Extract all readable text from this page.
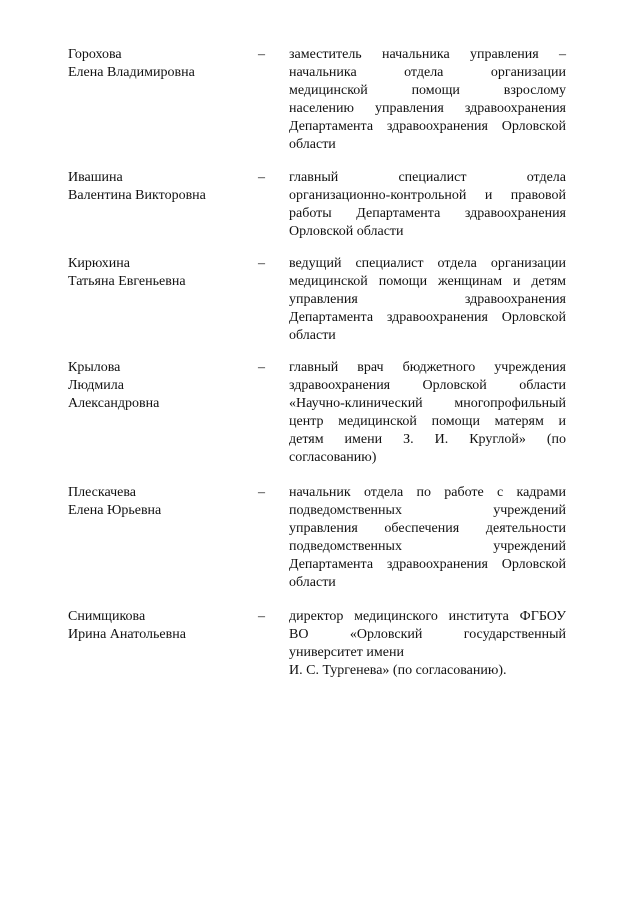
Горохова
Елена Владимировна
–	заместитель начальника управления –
начальника отдела организации
медицинской помощи взрослому
населению управления здравоохранения
Департамента здравоохранения Орловской
области
Ивашина
Валентина Викторовна
–	главный специалист отдела
организационно-контрольной и правовой
работы Департамента здравоохранения
Орловской области
Кирюхина
Татьяна Евгеньевна
–	ведущий специалист отдела организации
медицинской помощи женщинам и детям
управления здравоохранения
Департамента здравоохранения Орловской
области
Крылова
Людмила
Александровна
–	главный врач бюджетного учреждения
здравоохранения Орловской области
«Научно-клинический многопрофильный
центр медицинской помощи матерям и
детям имени З. И. Круглой» (по
согласованию)
Плескачева
Елена Юрьевна
–	начальник отдела по работе с кадрами
подведомственных учреждений
управления обеспечения деятельности
подведомственных учреждений
Департамента здравоохранения Орловской
области
Снимщикова
Ирина Анатольевна
–	директор медицинского института ФГБОУ
ВО «Орловский государственный
университет имени
И. С. Тургенева» (по согласованию).
